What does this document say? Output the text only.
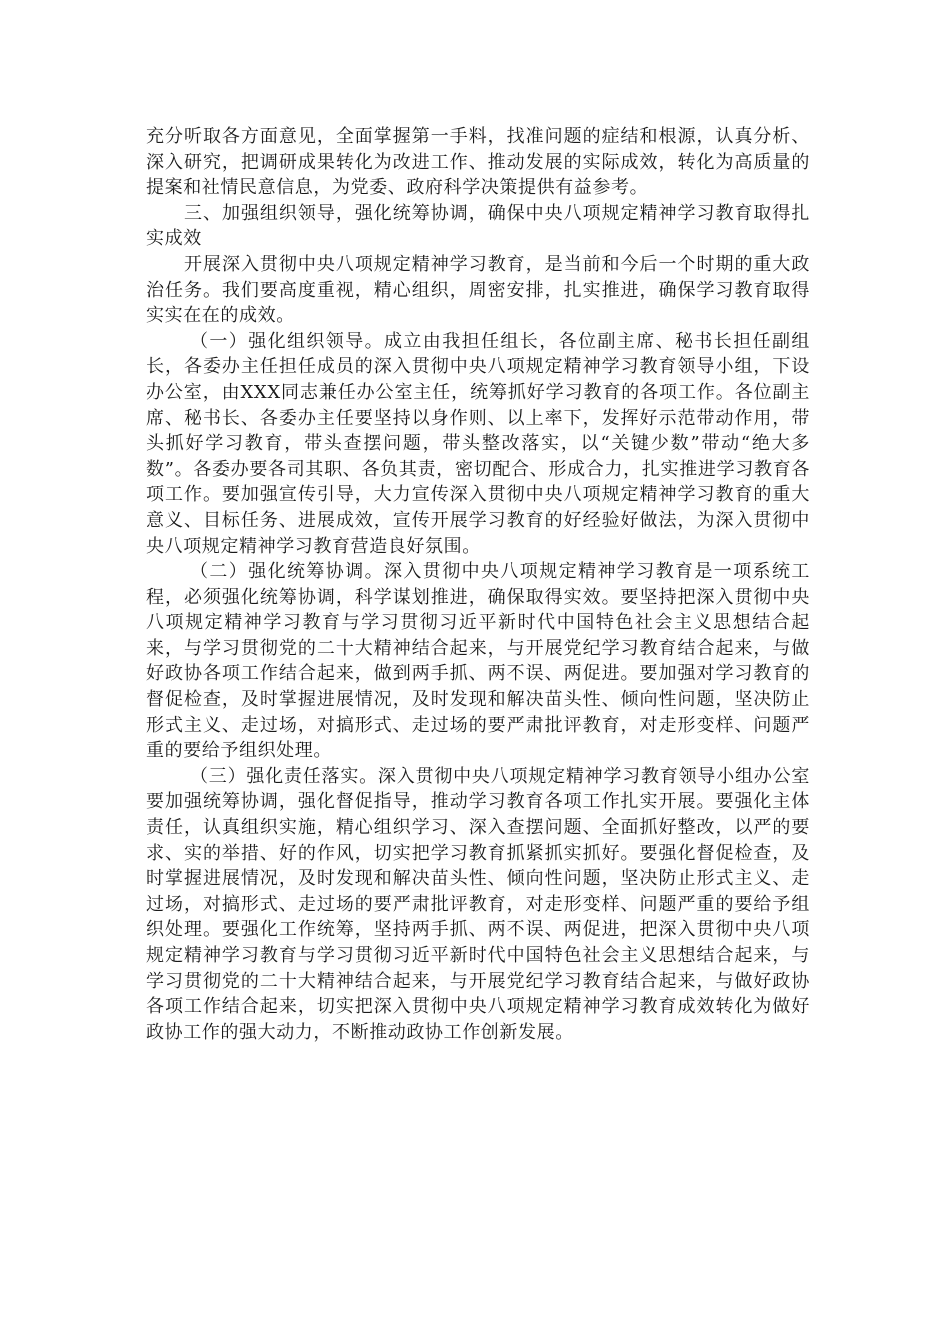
充分听取各方面意见，全面掌握第一手料，找准问题的症结和根源，认真分析、深入研究，把调研成果转化为改进工作、推动发展的实际成效，转化为高质量的提案和社情民意信息，为党委、政府科学决策提供有益参考。

三、加强组织领导，强化统筹协调，确保中央八项规定精神学习教育取得扎实成效

开展深入贯彻中央八项规定精神学习教育，是当前和今后一个时期的重大政治任务。我们要高度重视，精心组织，周密安排，扎实推进，确保学习教育取得实实在在的成效。

（一）强化组织领导。成立由我担任组长，各位副主席、秘书长担任副组长，各委办主任担任成员的深入贯彻中央八项规定精神学习教育领导小组，下设办公室，由XXX同志兼任办公室主任，统筹抓好学习教育的各项工作。各位副主席、秘书长、各委办主任要坚持以身作则、以上率下，发挥好示范带动作用，带头抓好学习教育，带头查摆问题，带头整改落实，以“关键少数”带动“绝大多数”。各委办要各司其职、各负其责，密切配合、形成合力，扎实推进学习教育各项工作。要加强宣传引导，大力宣传深入贯彻中央八项规定精神学习教育的重大意义、目标任务、进展成效，宣传开展学习教育的好经验好做法，为深入贯彻中央八项规定精神学习教育营造良好氛围。

（二）强化统筹协调。深入贯彻中央八项规定精神学习教育是一项系统工程，必须强化统筹协调，科学谋划推进，确保取得实效。要坚持把深入贯彻中央八项规定精神学习教育与学习贯彻习近平新时代中国特色社会主义思想结合起来，与学习贯彻党的二十大精神结合起来，与开展党纪学习教育结合起来，与做好政协各项工作结合起来，做到两手抓、两不误、两促进。要加强对学习教育的督促检查，及时掌握进展情况，及时发现和解决苗头性、倾向性问题，坚决防止形式主义、走过场，对搞形式、走过场的要严肃批评教育，对走形变样、问题严重的要给予组织处理。

（三）强化责任落实。深入贯彻中央八项规定精神学习教育领导小组办公室要加强统筹协调，强化督促指导，推动学习教育各项工作扎实开展。要强化主体责任，认真组织实施，精心组织学习、深入查摆问题、全面抓好整改，以严的要求、实的举措、好的作风，切实把学习教育抓紧抓实抓好。要强化督促检查，及时掌握进展情况，及时发现和解决苗头性、倾向性问题，坚决防止形式主义、走过场，对搞形式、走过场的要严肃批评教育，对走形变样、问题严重的要给予组织处理。要强化工作统筹，坚持两手抓、两不误、两促进，把深入贯彻中央八项规定精神学习教育与学习贯彻习近平新时代中国特色社会主义思想结合起来，与学习贯彻党的二十大精神结合起来，与开展党纪学习教育结合起来，与做好政协各项工作结合起来，切实把深入贯彻中央八项规定精神学习教育成效转化为做好政协工作的强大动力，不断推动政协工作创新发展。
